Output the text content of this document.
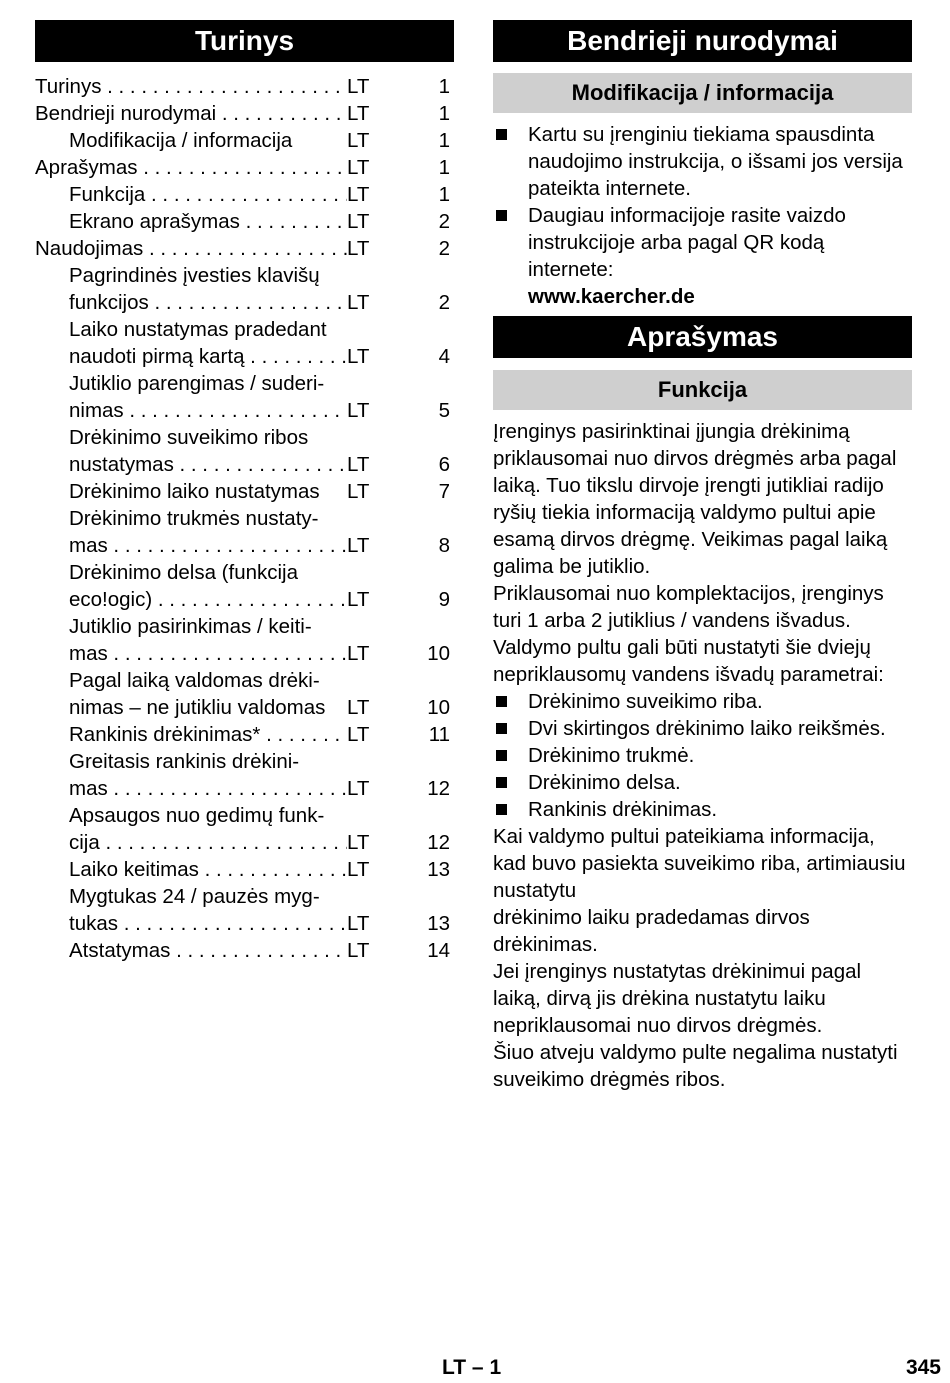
Turinys
Turinys . . .	LT	1
Bendrieji nurodymai . . .	LT	1
Modifikacija / informacija	LT	1
Aprašymas . . .	LT	1
Funkcija . . .	LT	1
Ekrano aprašymas . . .	LT	2
Naudojimas . . .	LT	2
Pagrindinės įvesties klavišų
funkcijos . . .	LT	2
Laiko nustatymas pradedant
naudoti pirmą kartą . . .	LT	4
Jutiklio parengimas / suderi-
nimas . . .	LT	5
Drėkinimo suveikimo ribos
nustatymas . . .	LT	6
Drėkinimo laiko nustatymas	LT	7
Drėkinimo trukmės nustaty-
mas . . .	LT	8
Drėkinimo delsa (funkcija
eco!ogic) . . .	LT	9
Jutiklio pasirinkimas / keiti-
mas . . .	LT	10
Pagal laiką valdomas drėki-
nimas – ne jutikliu valdomas	LT	10
Rankinis drėkinimas* . . .	LT	11
Greitasis rankinis drėkini-
mas . . .	LT	12
Apsaugos nuo gedimų funk-
cija . . .	LT	12
Laiko keitimas . . .	LT	13
Mygtukas 24 / pauzės myg-
tukas . . .	LT	13
Atstatymas . . .	LT	14
Bendrieji nurodymai
Modifikacija / informacija
Kartu su įrenginiu tiekiama spausdinta naudojimo instrukcija, o išsami jos versija pateikta internete.
Daugiau informacijoje rasite vaizdo instrukcijoje arba pagal QR kodą internete:
www.kaercher.de
Aprašymas
Funkcija

Įrenginys pasirinktinai įjungia drėkinimą priklausomai nuo dirvos drėgmės arba pagal laiką. Tuo tikslu dirvoje įrengti jutikliai radijo ryšių tiekia informaciją valdymo pultui apie esamą dirvos drėgmę. Veikimas pagal laiką galima be jutiklio.

Priklausomai nuo komplektacijos, įrenginys turi 1 arba 2 jutiklius / vandens išvadus.

Valdymo pultu gali būti nustatyti šie dviejų nepriklausomų vandens išvadų parametrai:

Drėkinimo suveikimo riba.
Dvi skirtingos drėkinimo laiko reikšmės.
Drėkinimo trukmė.
Drėkinimo delsa.
Rankinis drėkinimas.

Kai valdymo pultui pateikiama informacija, kad buvo pasiekta suveikimo riba, artimiausiu nustatytu

drėkinimo laiku pradedamas dirvos drėkinimas.

Jei įrenginys nustatytas drėkinimui pagal laiką, dirvą jis drėkina nustatytu laiku nepriklausomai nuo dirvos drėgmės.

Šiuo atveju valdymo pulte negalima nustatyti suveikimo drėgmės ribos.

LT – 1	345
